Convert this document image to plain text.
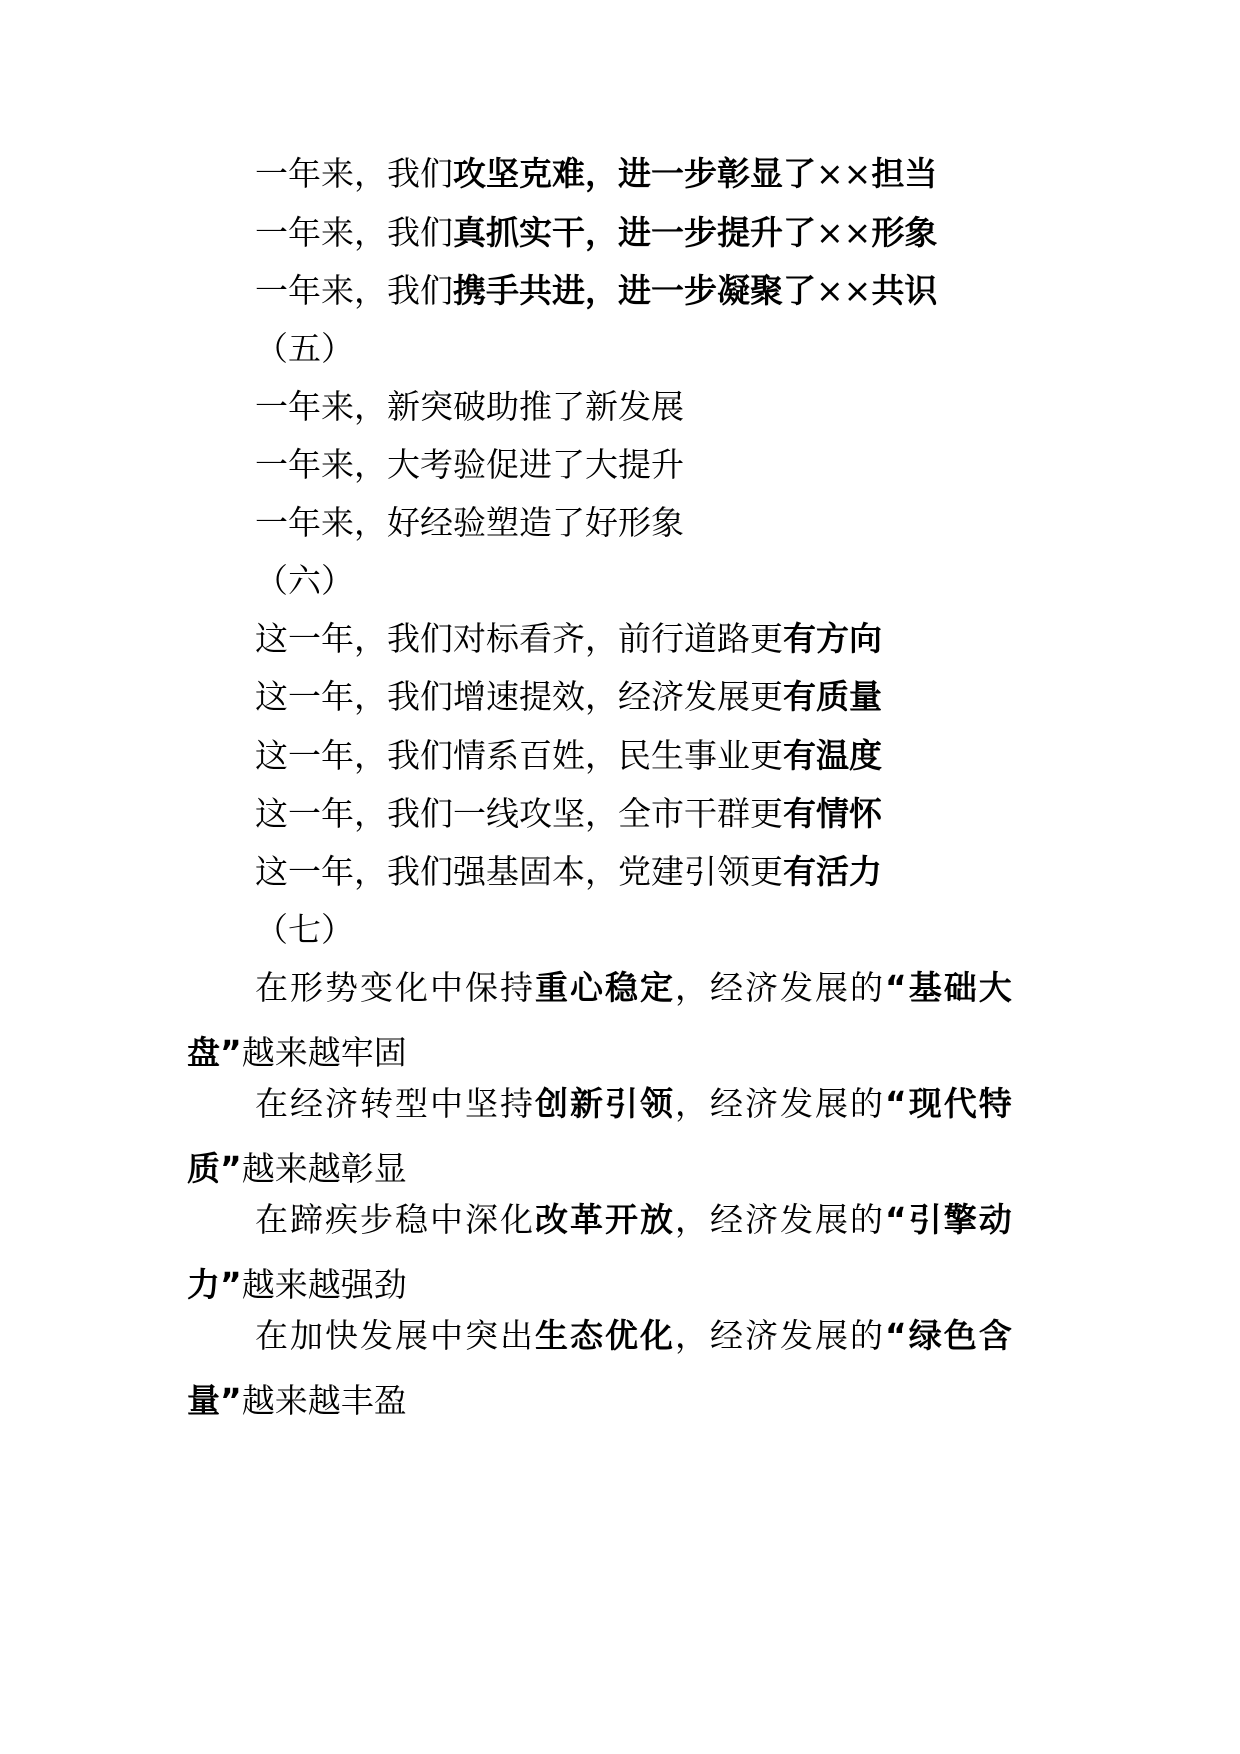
一年来，我们攻坚克难，进一步彰显了××担当
一年来，我们真抓实干，进一步提升了××形象
一年来，我们携手共进，进一步凝聚了××共识
（五）
一年来，新突破助推了新发展
一年来，大考验促进了大提升
一年来，好经验塑造了好形象
（六）
这一年，我们对标看齐，前行道路更有方向
这一年，我们增速提效，经济发展更有质量
这一年，我们情系百姓，民生事业更有温度
这一年，我们一线攻坚，全市干群更有情怀
这一年，我们强基固本，党建引领更有活力
（七）
在形势变化中保持重心稳定，经济发展的“基础大
盘”越来越牢固
在经济转型中坚持创新引领，经济发展的“现代特
质”越来越彰显
在蹄疾步稳中深化改革开放，经济发展的“引擎动
力”越来越强劲
在加快发展中突出生态优化，经济发展的“绿色含
量”越来越丰盈
